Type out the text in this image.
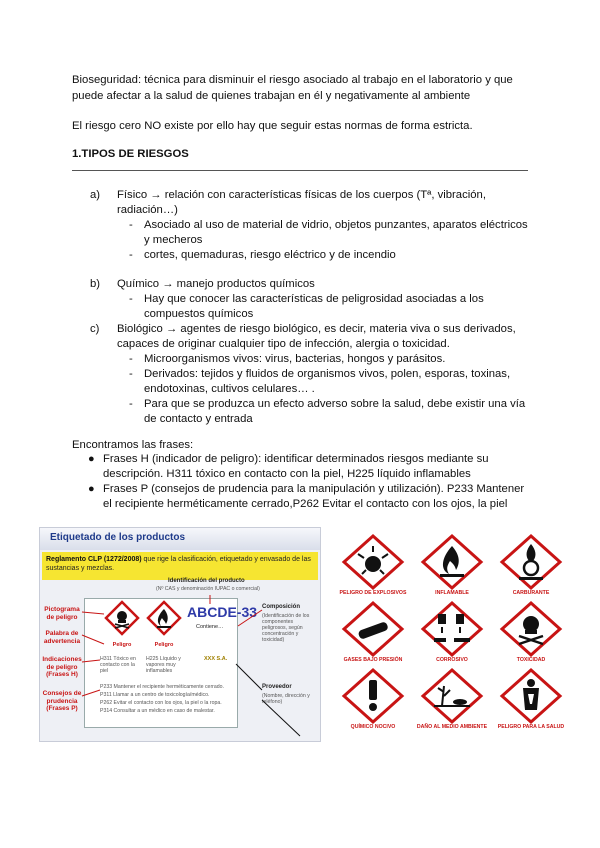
Bioseguridad: técnica para disminuir el riesgo asociado al trabajo en el laboratorio y que
puede afectar a la salud de quienes trabajan en él y negativamente al ambiente
El riesgo cero NO existe por ello hay que seguir estas normas de forma estricta.
1.TIPOS DE RIESGOS
a) Físico → relación con características físicas de los cuerpos (Tª, vibración, radiación…)
- Asociado al uso de material de vidrio, objetos punzantes, aparatos eléctricos y mecheros
- cortes, quemaduras, riesgo eléctrico y de incendio
b) Químico → manejo productos químicos
- Hay que conocer las características de peligrosidad asociadas a los compuestos químicos
c) Biológico → agentes de riesgo biológico, es decir, materia viva o sus derivados, capaces de originar cualquier tipo de infección, alergia o toxicidad.
- Microorganismos vivos: virus, bacterias, hongos y parásitos.
- Derivados: tejidos y fluidos de organismos vivos, polen, esporas, toxinas, endotoxinas, cultivos celulares… .
- Para que se produzca un efecto adverso sobre la salud, debe existir una vía de contacto y entrada
Encontramos las frases:
● Frases H (indicador de peligro): identificar determinados riesgos mediante su descripción. H311 tóxico en contacto con la piel, H225 líquido inflamables
● Frases P (consejos de prudencia para la manipulación y utilización). P233 Mantener el recipiente herméticamente cerrado,P262 Evitar el contacto con los ojos, la piel
Etiquetado de los productos
Reglamento CLP (1272/2008) que rige la clasificación, etiquetado y envasado de las sustancias y mezclas.
Identificación del producto
(Nº CAS y denominación IUPAC o comercial)
ABCDE-33
Contiene…
Peligro	Peligro
H311 Tóxico en contacto con la piel
H225 Líquido y vapores muy inflamables
XXX S.A.
P233 Mantener el recipiente herméticamente cerrado.
P311 Llamar a un centro de toxicología/médico.
P262 Evitar el contacto con los ojos, la piel o la ropa.
P314 Consultar a un médico en caso de malestar.
Pictograma de peligro
Palabra de advertencia
Indicaciones de peligro (Frases H)
Consejos de prudencia (Frases P)
Composición
(Identificación de los componentes peligrosos, según concentración y toxicidad)
Proveedor
(Nombre, dirección y teléfono)
PELIGRO DE EXPLOSIVOS	INFLAMABLE	CARBURANTE
GASES BAJO PRESIÓN	CORROSIVO	TOXICIDAD
QUÍMICO NOCIVO	DAÑO AL MEDIO AMBIENTE	PELIGRO PARA LA SALUD
